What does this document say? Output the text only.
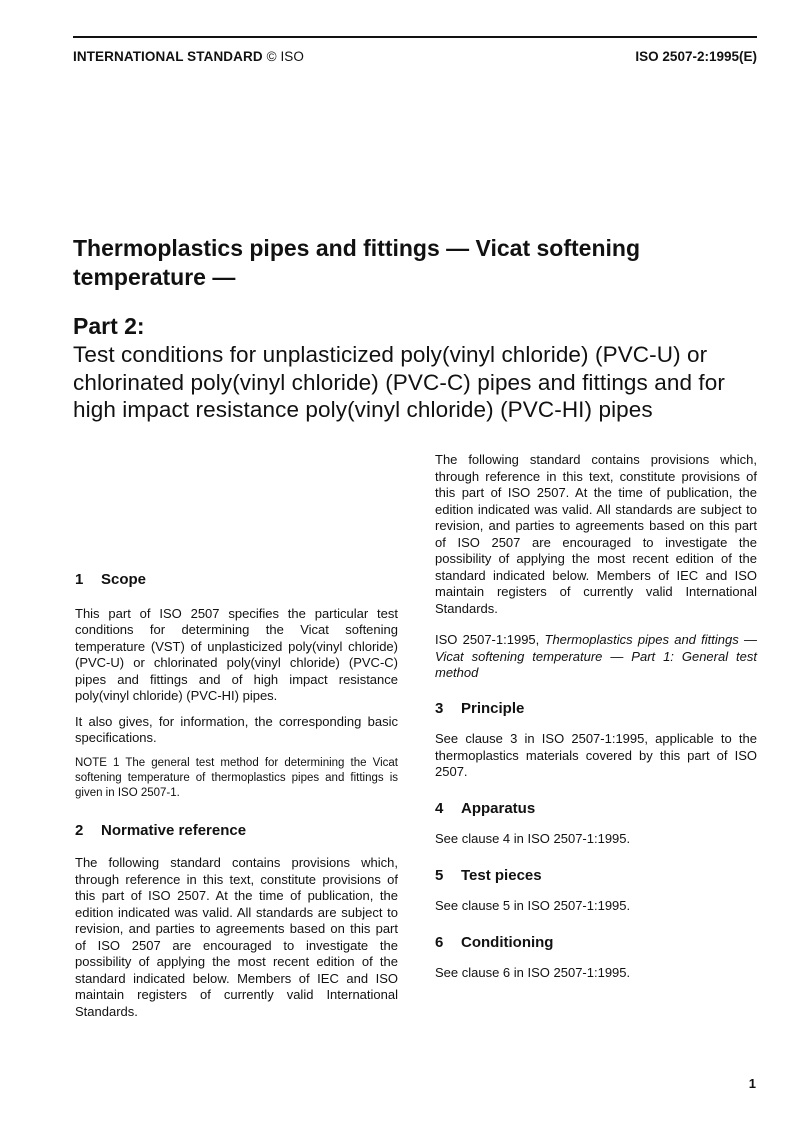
INTERNATIONAL STANDARD © ISO	ISO 2507-2:1995(E)
Thermoplastics pipes and fittings — Vicat softening temperature —
Part 2:
Test conditions for unplasticized poly(vinyl chloride) (PVC-U) or chlorinated poly(vinyl chloride) (PVC-C) pipes and fittings and for high impact resistance poly(vinyl chloride) (PVC-HI) pipes
1	Scope

This part of ISO 2507 specifies the particular test conditions for determining the Vicat softening temperature (VST) of unplasticized poly(vinyl chloride) (PVC-U) or chlorinated poly(vinyl chloride) (PVC-C) pipes and fittings and of high impact resistance poly(vinyl chloride) (PVC-HI) pipes.

It also gives, for information, the corresponding basic specifications.

NOTE 1 The general test method for determining the Vicat softening temperature of thermoplastics pipes and fittings is given in ISO 2507-1.

2	Normative reference

The following standard contains provisions which, through reference in this text, constitute provisions of this part of ISO 2507. At the time of publication, the edition indicated was valid. All standards are subject to revision, and parties to agreements based on this part of ISO 2507 are encouraged to investigate the possibility of applying the most recent edition of the standard indicated below. Members of IEC and ISO maintain registers of currently valid International Standards.

The following standard contains provisions which, through reference in this text, constitute provisions of this part of ISO 2507. At the time of publication, the edition indicated was valid. All standards are subject to revision, and parties to agreements based on this part of ISO 2507 are encouraged to investigate the possibility of applying the most recent edition of the standard indicated below. Members of IEC and ISO maintain registers of currently valid International Standards.

ISO 2507-1:1995, Thermoplastics pipes and fittings — Vicat softening temperature — Part 1: General test method

3	Principle

See clause 3 in ISO 2507-1:1995, applicable to the thermoplastics materials covered by this part of ISO 2507.

4	Apparatus

See clause 4 in ISO 2507-1:1995.

5	Test pieces

See clause 5 in ISO 2507-1:1995.

6	Conditioning

See clause 6 in ISO 2507-1:1995.

1
